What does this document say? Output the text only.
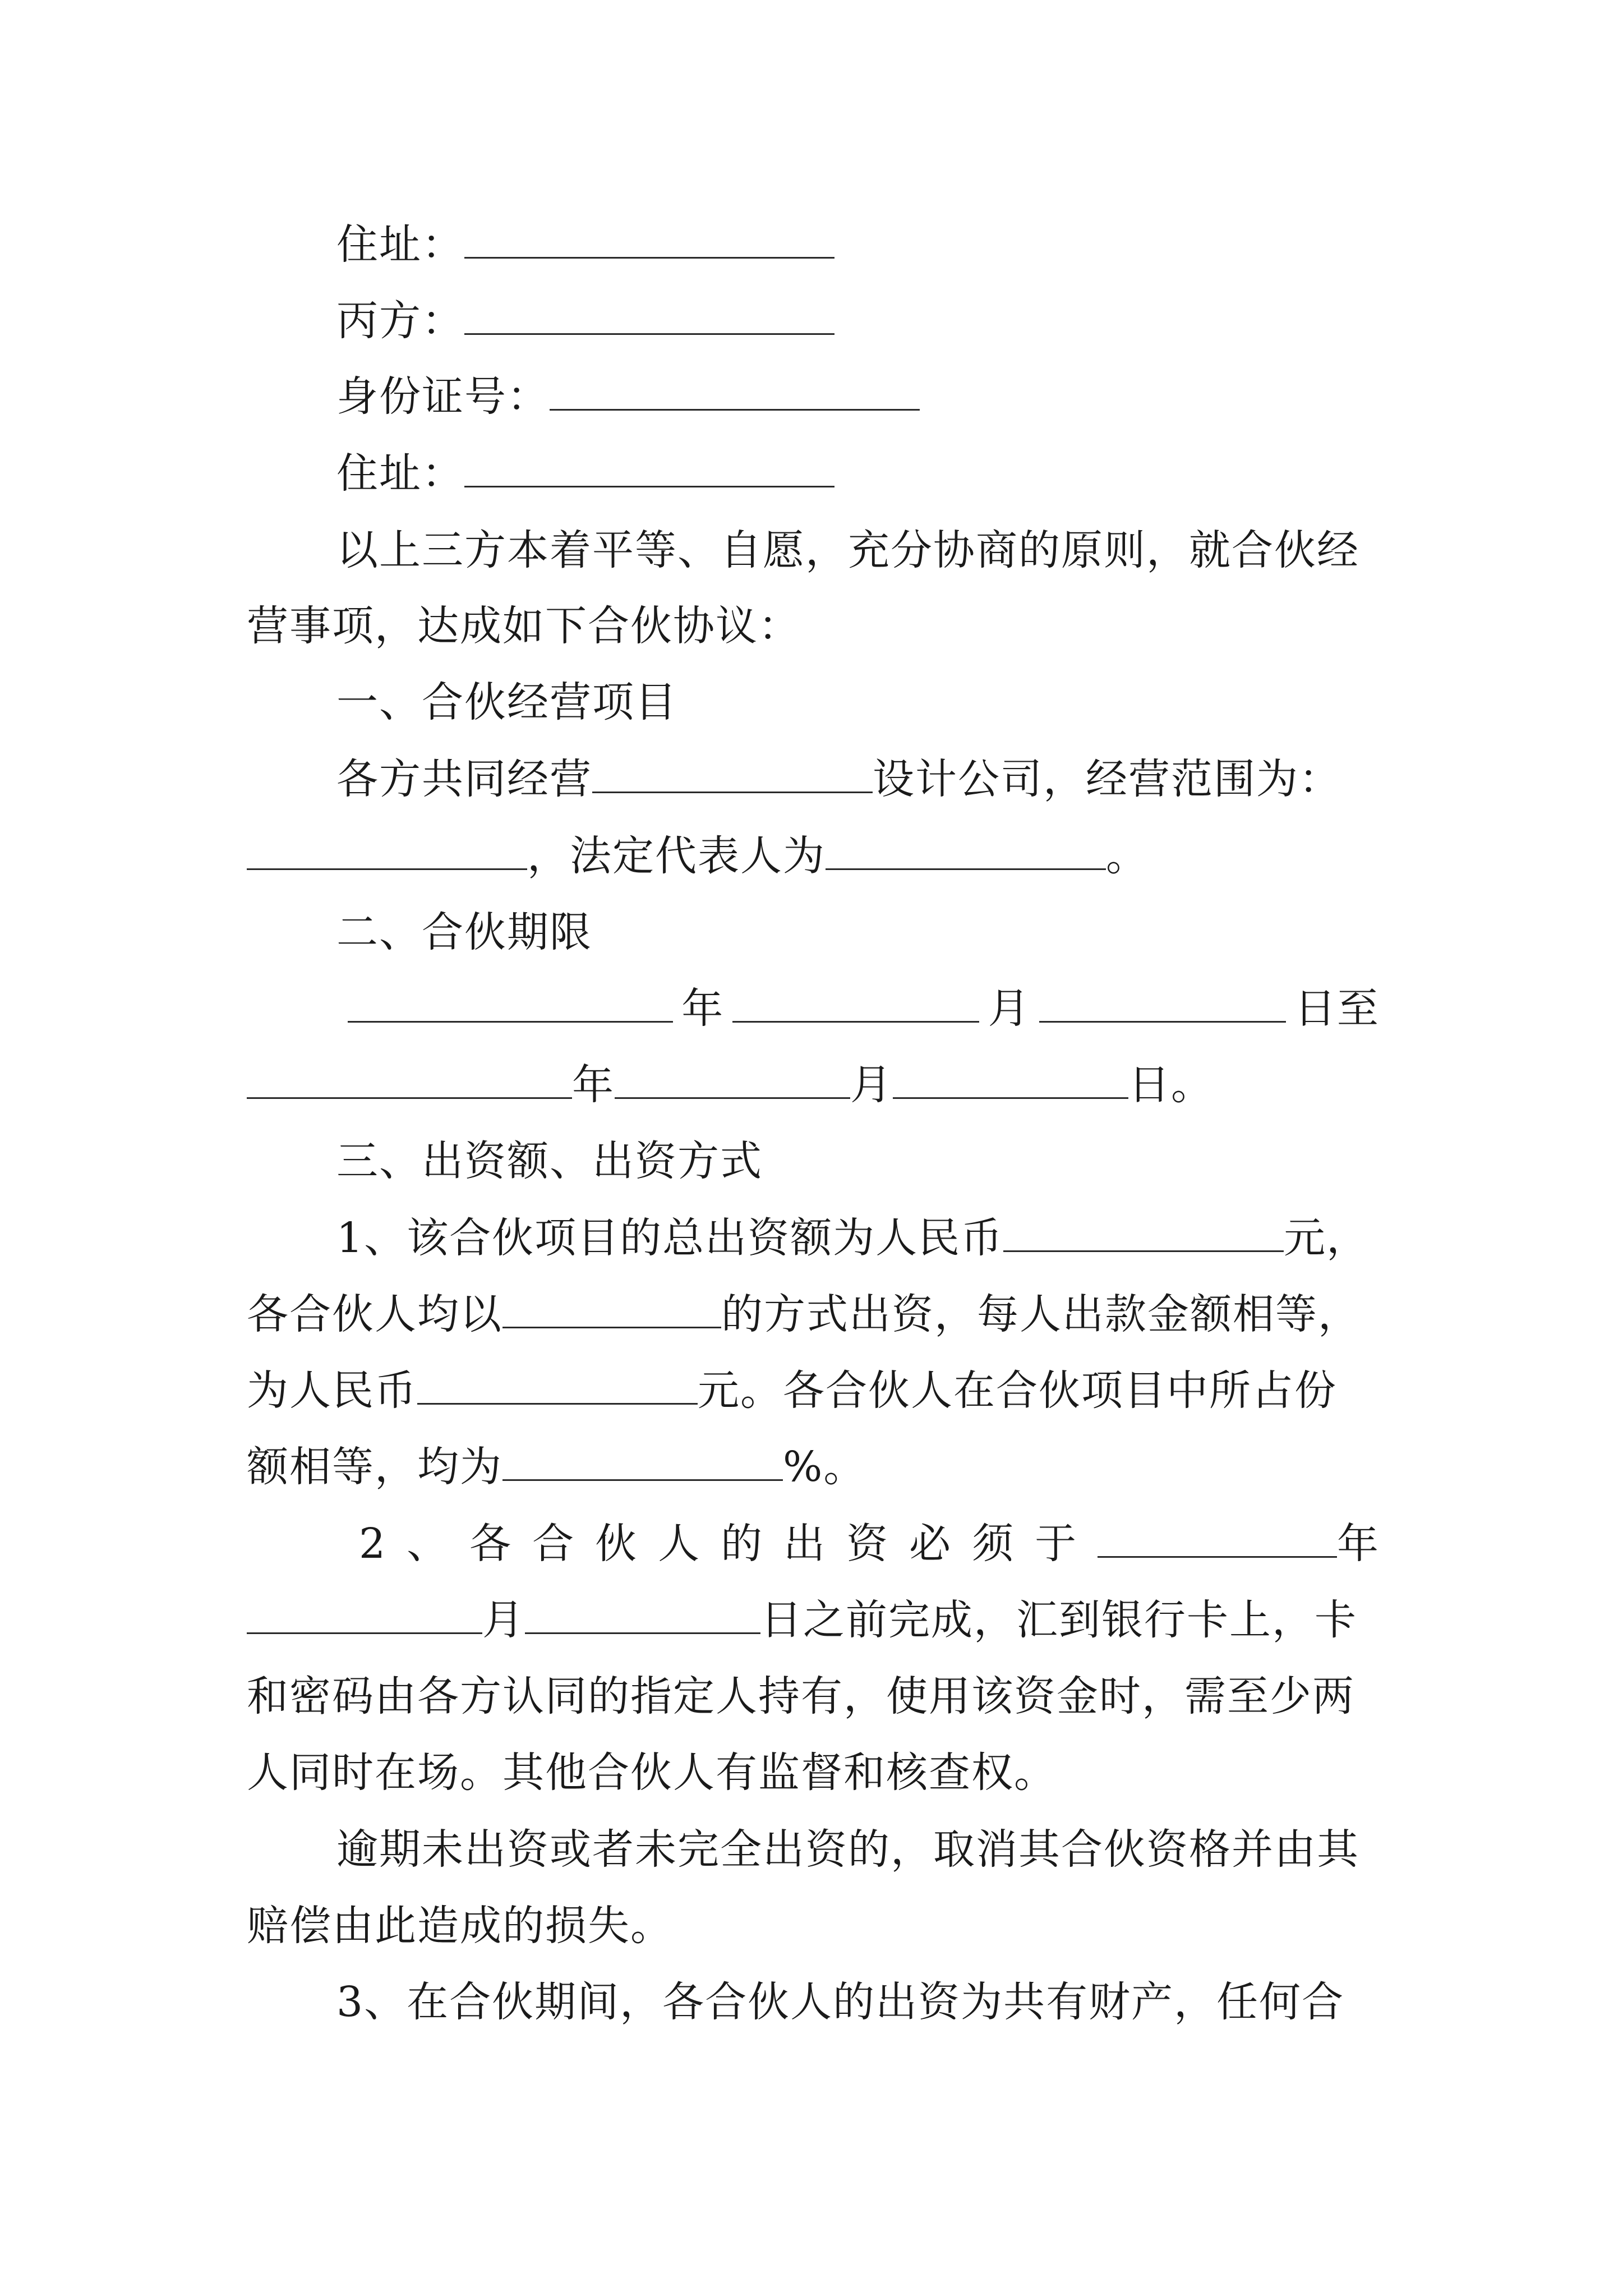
住址：
丙方：
身份证号：
住址：
以上三方本着平等、自愿，充分协商的原则，就合伙经
营事项，达成如下合伙协议：
一、合伙经营项目
各方共同经营	设计公司，经营范围为：
，法定代表人为	。
二、合伙期限
年	月	日至
年	月	日。
三、出资额、出资方式
1、该合伙项目的总出资额为人民币	元，
各合伙人均以	的方式出资，每人出款金额相等，
为人民币	元。各合伙人在合伙项目中所占份
额相等，均为	%。
2、各合伙人的出资必须于	年
月	日之前完成，汇到银行卡上，卡
和密码由各方认同的指定人持有，使用该资金时，需至少两
人同时在场。其他合伙人有监督和核查权。
逾期未出资或者未完全出资的，取消其合伙资格并由其
赔偿由此造成的损失。
3、在合伙期间，各合伙人的出资为共有财产，任何合
